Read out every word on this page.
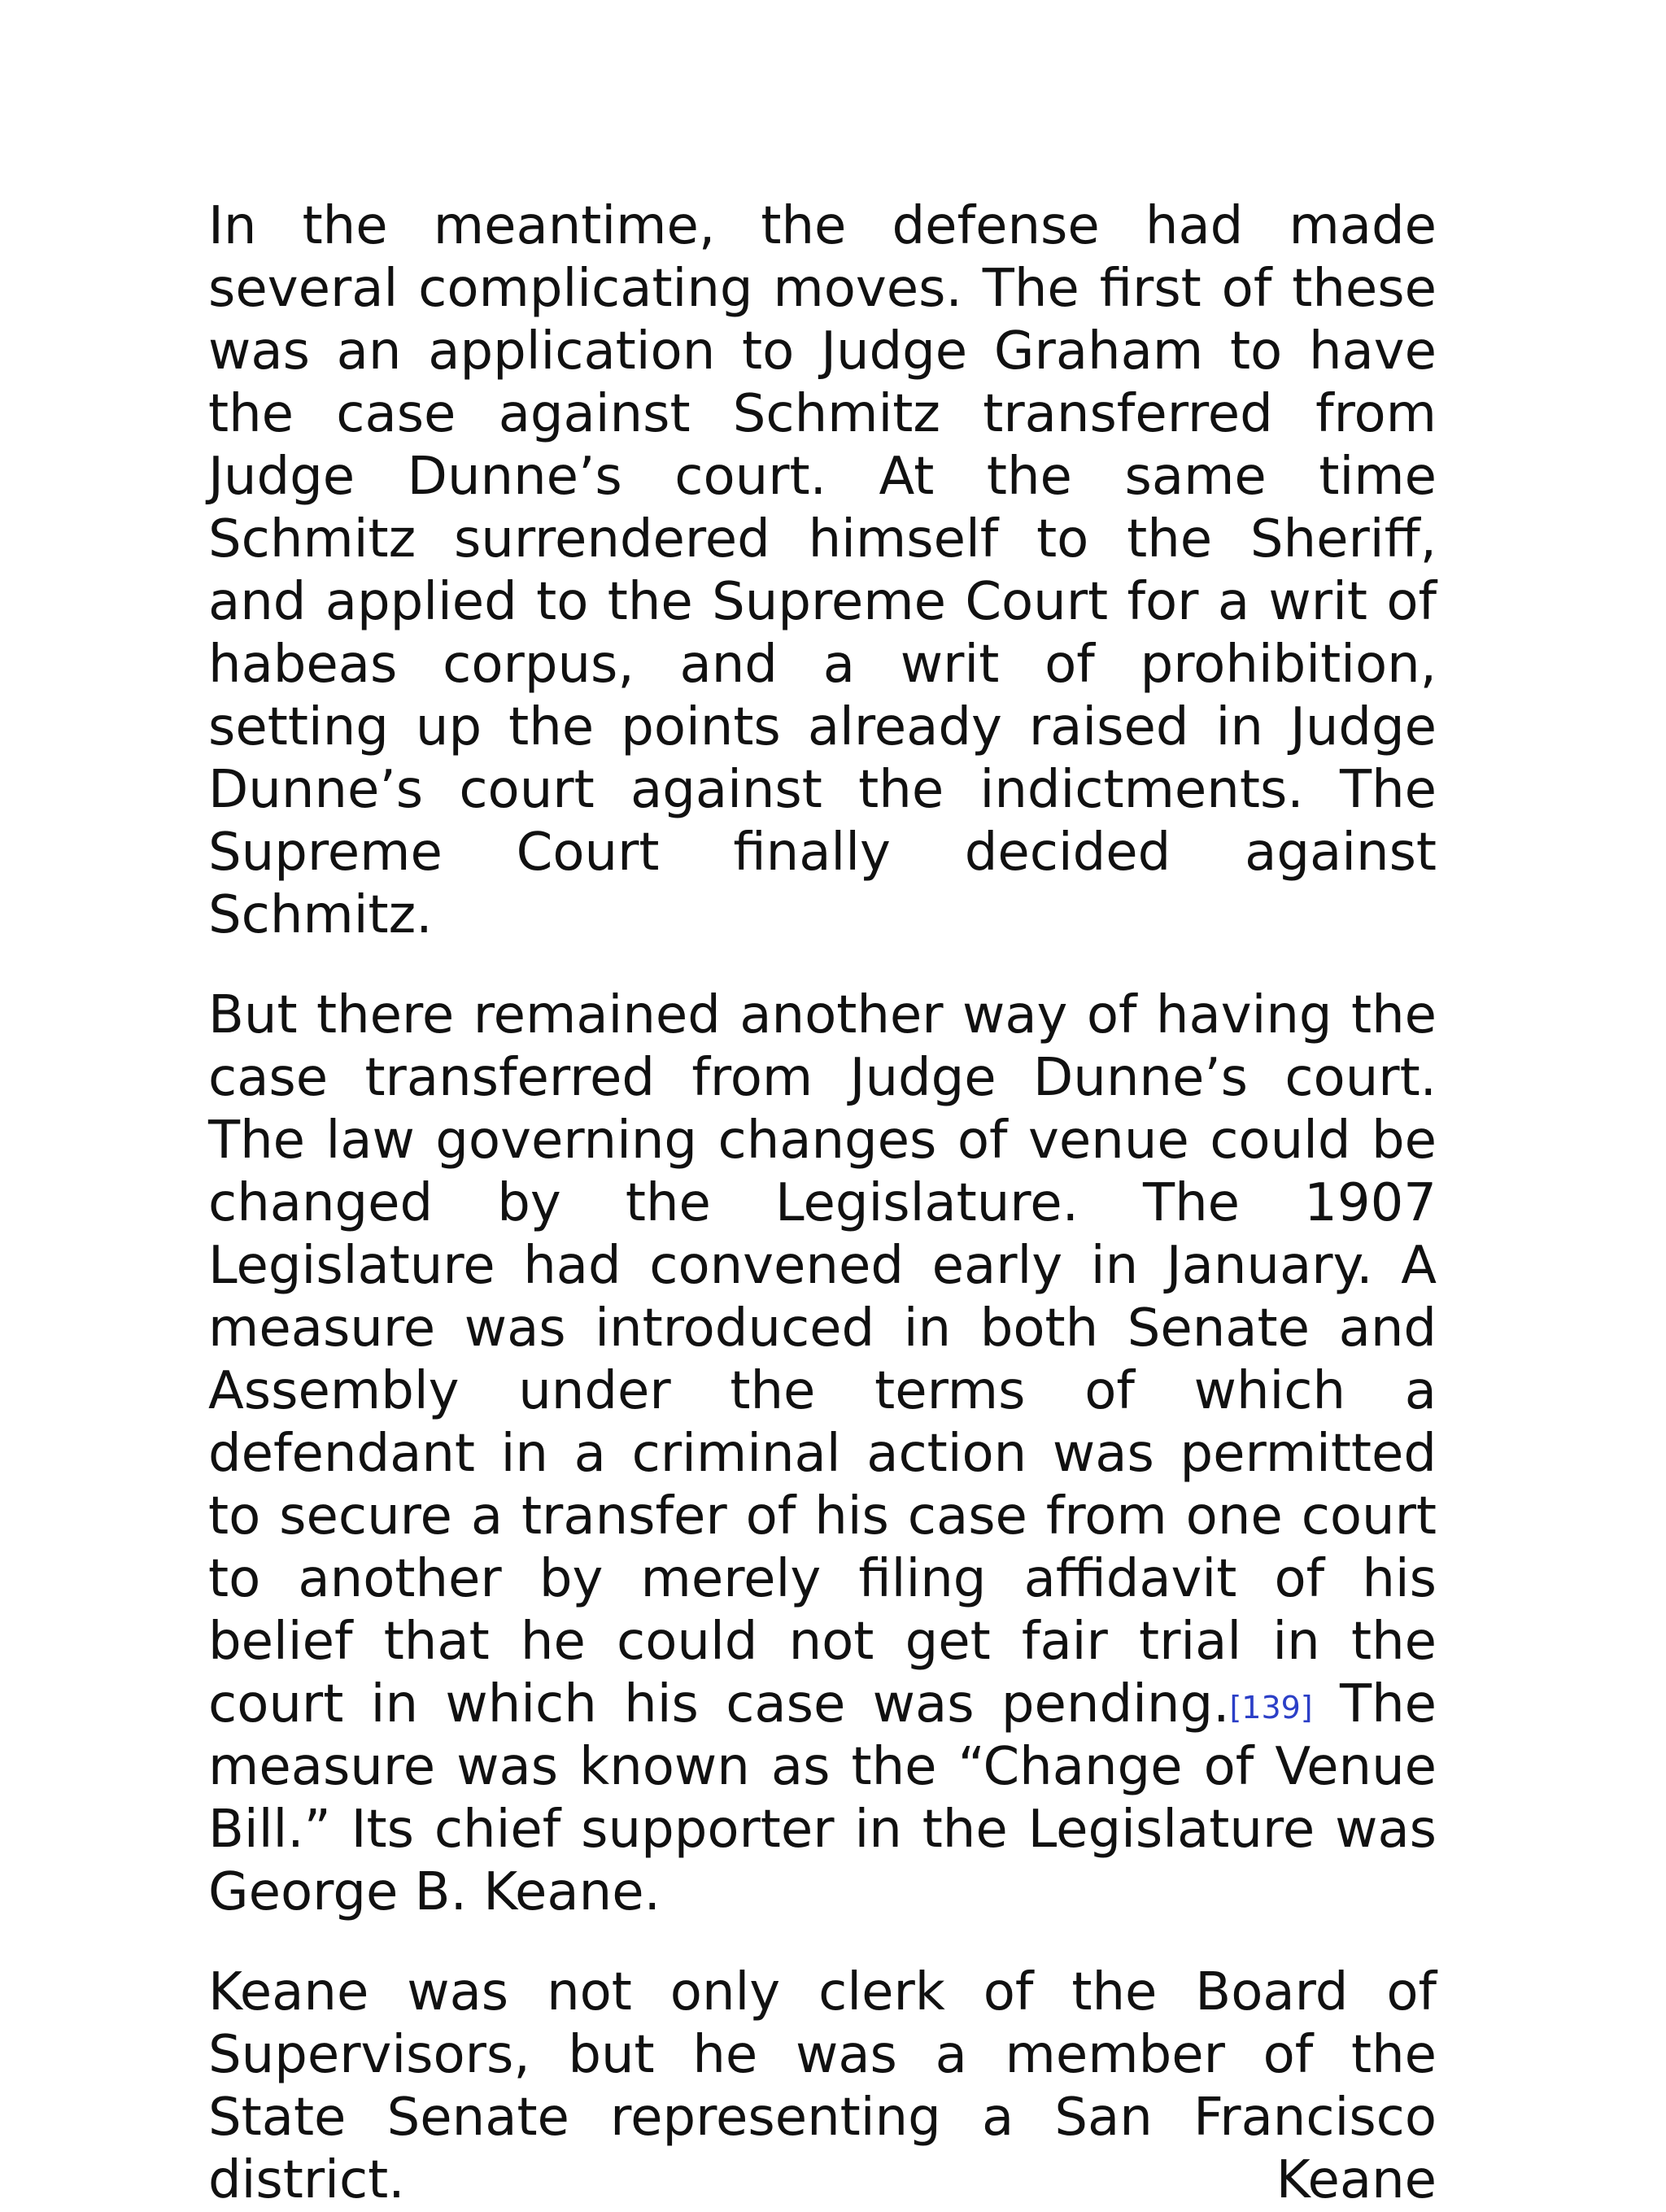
In the meantime, the defense had made several complicating moves. The first of these was an application to Judge Graham to have the case against Schmitz transferred from Judge Dunne’s court. At the same time Schmitz surrendered himself to the Sheriff, and applied to the Supreme Court for a writ of habeas corpus, and a writ of prohibition, setting up the points already raised in Judge Dunne’s court against the indictments. The Supreme Court finally decided against Schmitz.

But there remained another way of having the case transferred from Judge Dunne’s court. The law governing changes of venue could be changed by the Legislature. The 1907 Legislature had convened early in January. A measure was introduced in both Senate and Assembly under the terms of which a defendant in a criminal action was permitted to secure a transfer of his case from one court to another by merely filing affidavit of his belief that he could not get fair trial in the court in which his case was pending.[139] The measure was known as the “Change of Venue Bill.” Its chief supporter in the Legislature was George B. Keane.

Keane was not only clerk of the Board of Supervisors, but he was a member of the State Senate representing a San Francisco district. Keane
